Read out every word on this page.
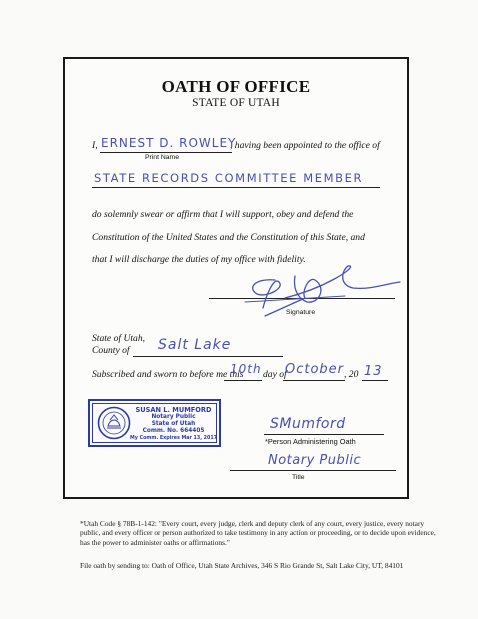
OATH OF OFFICE
STATE OF UTAH
I, ERNEST D. ROWLEY
, having been appointed to the office of
Print Name
STATE RECORDS COMMITTEE MEMBER
do solemnly swear or affirm that I will support, obey and defend the
Constitution of the United States and the Constitution of this State, and
that I will discharge the duties of my office with fidelity.
Signature
State of Utah,
County of Salt Lake
Subscribed and sworn to before me this
10th day of
October , 20 13
SUSAN L. MUMFORD
Notary Public
State of Utah
Comm. No. 664405
My Comm. Expires Mar 13, 2017
SMumford
*Person Administering Oath
Notary Public
Title
*Utah Code § 78B-1-142: "Every court, every judge, clerk and deputy clerk of any court, every justice, every notary public, and every officer or person authorized to take testimony in any action or proceeding, or to decide upon evidence, has the power to administer oaths or affirmations."
File oath by sending to: Oath of Office, Utah State Archives, 346 S Rio Grande St, Salt Lake City, UT, 84101
